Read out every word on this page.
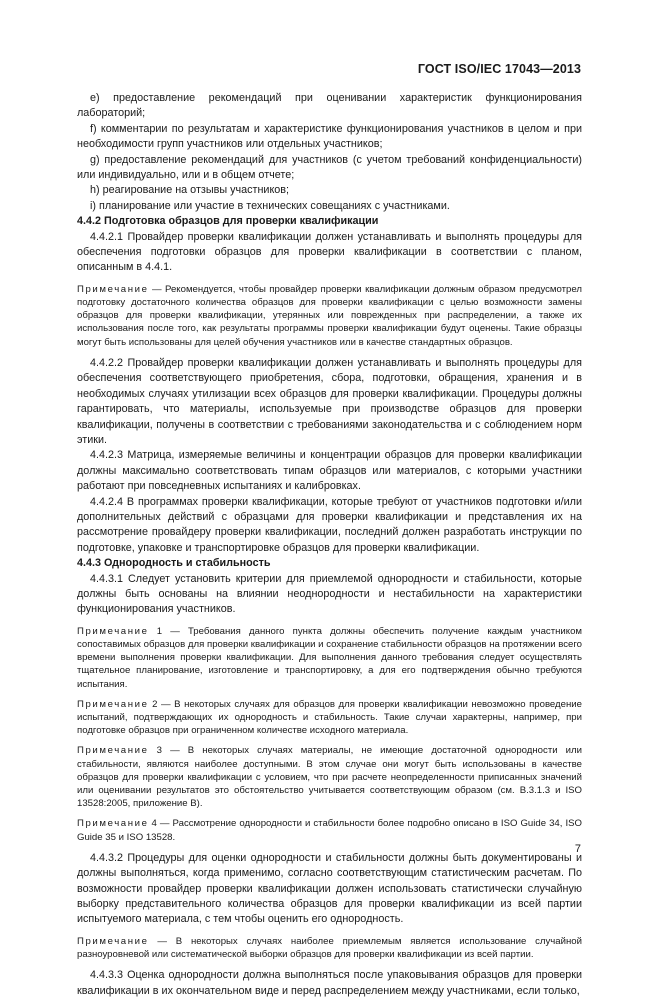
ГОСТ ISO/IEC 17043—2013

e) предоставление рекомендаций при оценивании характеристик функционирования лабораторий;

f) комментарии по результатам и характеристике функционирования участников в целом и при необходимости групп участников или отдельных участников;

g) предоставление рекомендаций для участников (с учетом требований конфиденциальности) или индивидуально, или и в общем отчете;

h) реагирование на отзывы участников;

i) планирование или участие в технических совещаниях с участниками.

4.4.2 Подготовка образцов для проверки квалификации

4.4.2.1 Провайдер проверки квалификации должен устанавливать и выполнять процедуры для обеспечения подготовки образцов для проверки квалификации в соответствии с планом, описанным в 4.4.1.

Примечание — Рекомендуется, чтобы провайдер проверки квалификации должным образом предусмотрел подготовку достаточного количества образцов для проверки квалификации с целью возможности замены образцов для проверки квалификации, утерянных или поврежденных при распределении, а также их использования после того, как результаты программы проверки квалификации будут оценены. Такие образцы могут быть использованы для целей обучения участников или в качестве стандартных образцов.

4.4.2.2 Провайдер проверки квалификации должен устанавливать и выполнять процедуры для обеспечения соответствующего приобретения, сбора, подготовки, обращения, хранения и в необходимых случаях утилизации всех образцов для проверки квалификации. Процедуры должны гарантировать, что материалы, используемые при производстве образцов для проверки квалификации, получены в соответствии с требованиями законодательства и с соблюдением норм этики.

4.4.2.3 Матрица, измеряемые величины и концентрации образцов для проверки квалификации должны максимально соответствовать типам образцов или материалов, с которыми участники работают при повседневных испытаниях и калибровках.

4.4.2.4 В программах проверки квалификации, которые требуют от участников подготовки и/или дополнительных действий с образцами для проверки квалификации и представления их на рассмотрение провайдеру проверки квалификации, последний должен разработать инструкции по подготовке, упаковке и транспортировке образцов для проверки квалификации.

4.4.3 Однородность и стабильность

4.4.3.1 Следует установить критерии для приемлемой однородности и стабильности, которые должны быть основаны на влиянии неоднородности и нестабильности на характеристики функционирования участников.

Примечание 1 — Требования данного пункта должны обеспечить получение каждым участником сопоставимых образцов для проверки квалификации и сохранение стабильности образцов на протяжении всего времени выполнения проверки квалификации. Для выполнения данного требования следует осуществлять тщательное планирование, изготовление и транспортировку, а для его подтверждения обычно требуются испытания.

Примечание 2 — В некоторых случаях для образцов для проверки квалификации невозможно проведение испытаний, подтверждающих их однородность и стабильность. Такие случаи характерны, например, при подготовке образцов при ограниченном количестве исходного материала.

Примечание 3 — В некоторых случаях материалы, не имеющие достаточной однородности или стабильности, являются наиболее доступными. В этом случае они могут быть использованы в качестве образцов для проверки квалификации с условием, что при расчете неопределенности приписанных значений или оценивании результатов это обстоятельство учитывается соответствующим образом (см. В.3.1.3 и ISO 13528:2005, приложение В).

Примечание 4 — Рассмотрение однородности и стабильности более подробно описано в ISO Guide 34, ISO Guide 35 и ISO 13528.

4.4.3.2 Процедуры для оценки однородности и стабильности должны быть документированы и должны выполняться, когда применимо, согласно соответствующим статистическим расчетам. По возможности провайдер проверки квалификации должен использовать статистически случайную выборку представительного количества образцов для проверки квалификации из всей партии испытуемого материала, с тем чтобы оценить его однородность.

Примечание — В некоторых случаях наиболее приемлемым является использование случайной разноуровневой или систематической выборки образцов для проверки квалификации из всей партии.

4.4.3.3 Оценка однородности должна выполняться после упаковывания образцов для проверки квалификации в их окончательном виде и перед распределением между участниками, если только,

7
